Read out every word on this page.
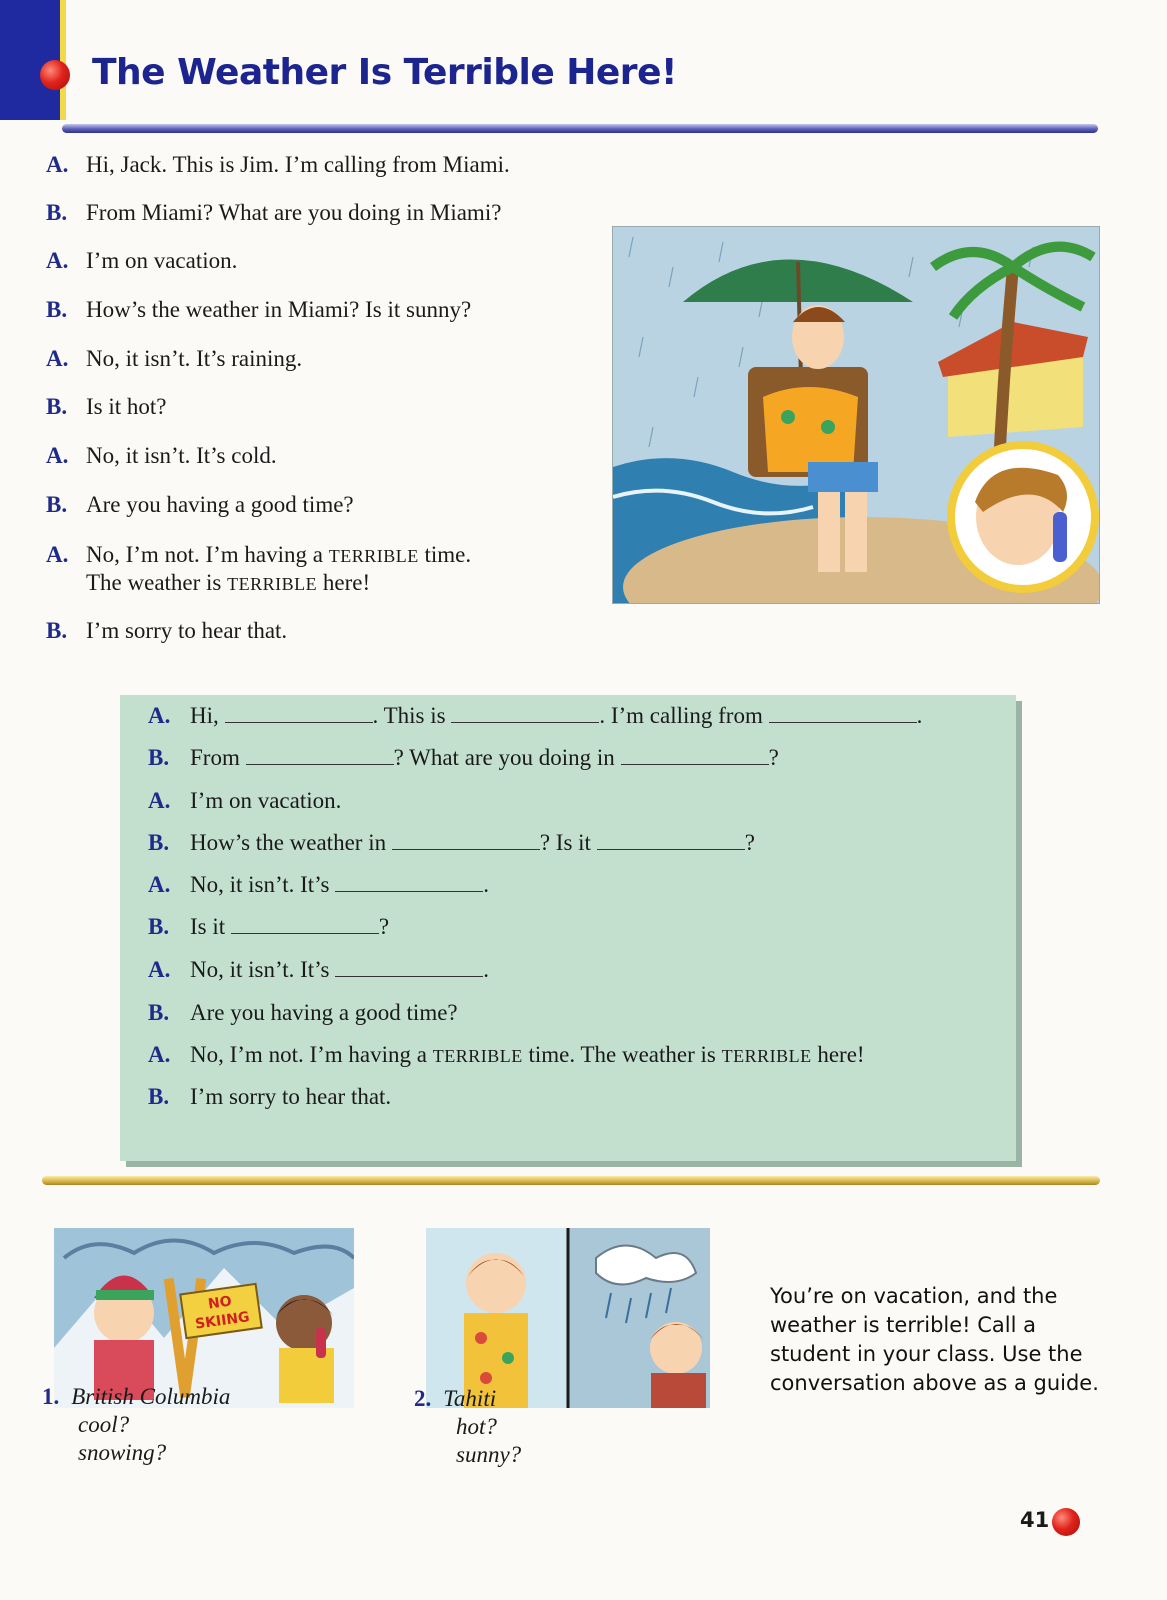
The Weather Is Terrible Here!
A. Hi, Jack. This is Jim. I’m calling from Miami.
B. From Miami? What are you doing in Miami?
A. I’m on vacation.
B. How’s the weather in Miami? Is it sunny?
A. No, it isn’t. It’s raining.
B. Is it hot?
A. No, it isn’t. It’s cold.
B. Are you having a good time?
A. No, I’m not. I’m having a TERRIBLE time.
The weather is TERRIBLE here!
B. I’m sorry to hear that.
A. Hi,	. This is	. I’m calling from	.
B. From	? What are you doing in	?
A. I’m on vacation.
B. How’s the weather in	? Is it	?
A. No, it isn’t. It’s	.
B. Is it	?
A. No, it isn’t. It’s	.
B. Are you having a good time?
A. No, I’m not. I’m having a TERRIBLE time. The weather is TERRIBLE here!
B. I’m sorry to hear that.
NO SKIING
1. British Columbia
cool?
snowing?
2. Tahiti
hot?
sunny?
You’re on vacation, and the weather is terrible! Call a student in your class. Use the conversation above as a guide.
41
